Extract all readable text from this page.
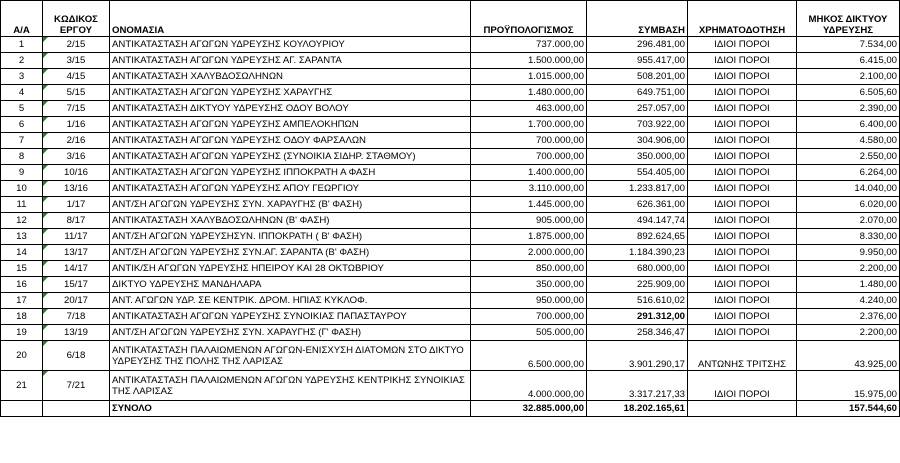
Α/Α	ΚΩΔΙΚΟΣ ΕΡΓΟΥ	ΟΝΟΜΑΣΙΑ	ΠΡΟΫΠΟΛΟΓΙΣΜΟΣ	ΣΥΜΒΑΣΗ	ΧΡΗΜΑΤΟΔΟΤΗΣΗ	ΜΗΚΟΣ ΔΙΚΤΥΟΥ ΥΔΡΕΥΣΗΣ
1	2/15	ΑΝΤΙΚΑΤΑΣΤΑΣΗ ΑΓΩΓΩΝ ΥΔΡΕΥΣΗΣ ΚΟΥΛΟΥΡΙΟΥ	737.000,00	296.481,00	ΙΔΙΟΙ ΠΟΡΟΙ	7.534,00
2	3/15	ΑΝΤΙΚΑΤΑΣΤΑΣΗ ΑΓΩΓΩΝ ΥΔΡΕΥΣΗΣ ΑΓ. ΣΑΡΑΝΤΑ	1.500.000,00	955.417,00	ΙΔΙΟΙ ΠΟΡΟΙ	6.415,00
3	4/15	ΑΝΤΙΚΑΤΑΣΤΑΣΗ ΧΑΛΥΒΔΟΣΩΛΗΝΩΝ	1.015.000,00	508.201,00	ΙΔΙΟΙ ΠΟΡΟΙ	2.100,00
4	5/15	ΑΝΤΙΚΑΤΑΣΤΑΣΗ ΑΓΩΓΩΝ ΥΔΡΕΥΣΗΣ ΧΑΡΑΥΓΗΣ	1.480.000,00	649.751,00	ΙΔΙΟΙ ΠΟΡΟΙ	6.505,60
5	7/15	ΑΝΤΙΚΑΤΑΣΤΑΣΗ ΔΙΚΤΥΟΥ ΥΔΡΕΥΣΗΣ ΟΔΟΥ ΒΟΛΟΥ	463.000,00	257.057,00	ΙΔΙΟΙ ΠΟΡΟΙ	2.390,00
6	1/16	ΑΝΤΙΚΑΤΑΣΤΑΣΗ ΑΓΩΓΩΝ ΥΔΡΕΥΣΗΣ ΑΜΠΕΛΟΚΗΠΩΝ	1.700.000,00	703.922,00	ΙΔΙΟΙ ΠΟΡΟΙ	6.400,00
7	2/16	ΑΝΤΙΚΑΤΑΣΤΑΣΗ ΑΓΩΓΩΝ ΥΔΡΕΥΣΗΣ ΟΔΟΥ ΦΑΡΣΑΛΩΝ	700.000,00	304.906,00	ΙΔΙΟΙ ΠΟΡΟΙ	4.580,00
8	3/16	ΑΝΤΙΚΑΤΑΣΤΑΣΗ ΑΓΩΓΩΝ ΥΔΡΕΥΣΗΣ (ΣΥΝΟΙΚΙΑ ΣΙΔΗΡ. ΣΤΑΘΜΟΥ)	700.000,00	350.000,00	ΙΔΙΟΙ ΠΟΡΟΙ	2.550,00
9	10/16	ΑΝΤΙΚΑΤΑΣΤΑΣΗ ΑΓΩΓΩΝ ΥΔΡΕΥΣΗΣ ΙΠΠΟΚΡΑΤΗ Α ΦΑΣΗ	1.400.000,00	554.405,00	ΙΔΙΟΙ ΠΟΡΟΙ	6.264,00
10	13/16	ΑΝΤΙΚΑΤΑΣΤΑΣΗ ΑΓΩΓΩΝ ΥΔΡΕΥΣΗΣ ΑΠΟΥ ΓΕΩΡΓΙΟΥ	3.110.000,00	1.233.817,00	ΙΔΙΟΙ ΠΟΡΟΙ	14.040,00
11	1/17	ΑΝΤ/ΣΗ ΑΓΩΓΩΝ ΥΔΡΕΥΣΗΣ ΣΥΝ. ΧΑΡΑΥΓΗΣ (Β' ΦΑΣΗ)	1.445.000,00	626.361,00	ΙΔΙΟΙ ΠΟΡΟΙ	6.020,00
12	8/17	ΑΝΤΙΚΑΤΑΣΤΑΣΗ ΧΑΛΥΒΔΟΣΩΛΗΝΩΝ (Β' ΦΑΣΗ)	905.000,00	494.147,74	ΙΔΙΟΙ ΠΟΡΟΙ	2.070,00
13	11/17	ΑΝΤ/ΣΗ ΑΓΩΓΩΝ ΥΔΡΕΥΣΗΣΥΝ. ΙΠΠΟΚΡΑΤΗ ( Β' ΦΑΣΗ)	1.875.000,00	892.624,65	ΙΔΙΟΙ ΠΟΡΟΙ	8.330,00
14	13/17	ΑΝΤ/ΣΗ ΑΓΩΓΩΝ ΥΔΡΕΥΣΗΣ ΣΥΝ.ΑΓ. ΣΑΡΑΝΤΑ (Β' ΦΑΣΗ)	2.000.000,00	1.184.390,23	ΙΔΙΟΙ ΠΟΡΟΙ	9.950,00
15	14/17	ΑΝΤΙΚ/ΣΗ ΑΓΩΓΩΝ ΥΔΡΕΥΣΗΣ ΗΠΕΙΡΟΥ ΚΑΙ 28 ΟΚΤΩΒΡΙΟΥ	850.000,00	680.000,00	ΙΔΙΟΙ ΠΟΡΟΙ	2.200,00
16	15/17	ΔΙΚΤΥΟ ΥΔΡΕΥΣΗΣ ΜΑΝΔΗΛΑΡΑ	350.000,00	225.909,00	ΙΔΙΟΙ ΠΟΡΟΙ	1.480,00
17	20/17	ΑΝΤ. ΑΓΩΓΩΝ ΥΔΡ. ΣΕ ΚΕΝΤΡΙΚ. ΔΡΟΜ. ΗΠΙΑΣ ΚΥΚΛΟΦ.	950.000,00	516.610,02	ΙΔΙΟΙ ΠΟΡΟΙ	4.240,00
18	7/18	ΑΝΤΙΚΑΤΑΣΤΑΣΗ ΑΓΩΓΩΝ ΥΔΡΕΥΣΗΣ ΣΥΝΟΙΚΙΑΣ ΠΑΠΑΣΤΑΥΡΟΥ	700.000,00	291.312,00	ΙΔΙΟΙ ΠΟΡΟΙ	2.376,00
19	13/19	ΑΝΤ/ΣΗ ΑΓΩΓΩΝ ΥΔΡΕΥΣΗΣ ΣΥΝ. ΧΑΡΑΥΓΗΣ (Γ' ΦΑΣΗ)	505.000,00	258.346,47	ΙΔΙΟΙ ΠΟΡΟΙ	2.200,00
20	6/18	ΑΝΤΙΚΑΤΑΣΤΑΣΗ ΠΑΛΑΙΩΜΕΝΩΝ ΑΓΩΓΩΝ-ΕΝΙΣΧΥΣΗ ΔΙΑΤΟΜΩΝ ΣΤΟ ΔΙΚΤΥΟ ΥΔΡΕΥΣΗΣ ΤΗΣ ΠΟΛΗΣ ΤΗΣ ΛΑΡΙΣΑΣ	6.500.000,00	3.901.290,17	ΑΝΤΩΝΗΣ ΤΡΙΤΣΗΣ	43.925,00
21	7/21	ΑΝΤΙΚΑΤΑΣΤΑΣΗ ΠΑΛΑΙΩΜΕΝΩΝ ΑΓΩΓΩΝ ΥΔΡΕΥΣΗΣ ΚΕΝΤΡΙΚΗΣ ΣΥΝΟΙΚΙΑΣ ΤΗΣ ΛΑΡΙΣΑΣ	4.000.000,00	3.317.217,33	ΙΔΙΟΙ ΠΟΡΟΙ	15.975,00
		ΣΥΝΟΛΟ	32.885.000,00	18.202.165,61		157.544,60
